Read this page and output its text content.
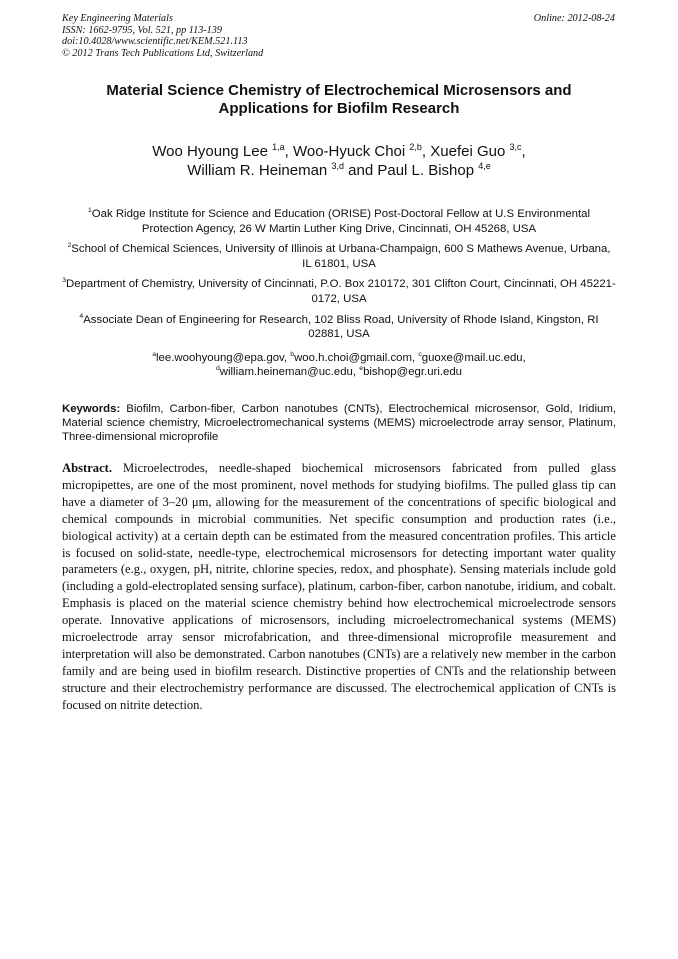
Key Engineering Materials
ISSN: 1662-9795, Vol. 521, pp 113-139
doi:10.4028/www.scientific.net/KEM.521.113
© 2012 Trans Tech Publications Ltd, Switzerland
Online: 2012-08-24
Material Science Chemistry of Electrochemical Microsensors and
Applications for Biofilm Research
Woo Hyoung Lee $^{1,a}$, Woo-Hyuck Choi $^{2,b}$, Xuefei Guo $^{3,c}$,
William R. Heineman $^{3,d}$ and Paul L. Bishop $^{4,e}$
$^1$Oak Ridge Institute for Science and Education (ORISE) Post-Doctoral Fellow at U.S Environmental Protection Agency, 26 W Martin Luther King Drive, Cincinnati, OH 45268, USA
$^2$School of Chemical Sciences, University of Illinois at Urbana-Champaign, 600 S Mathews Avenue, Urbana, IL 61801, USA
$^3$Department of Chemistry, University of Cincinnati, P.O. Box 210172, 301 Clifton Court, Cincinnati, OH 45221-0172, USA
$^4$Associate Dean of Engineering for Research, 102 Bliss Road, University of Rhode Island, Kingston, RI 02881, USA
$^a$lee.woohyoung@epa.gov, $^b$woo.h.choi@gmail.com, $^c$guoxe@mail.uc.edu,
$^d$william.heineman@uc.edu, $^e$bishop@egr.uri.edu
Keywords: Biofilm, Carbon-fiber, Carbon nanotubes (CNTs), Electrochemical microsensor, Gold, Iridium, Material science chemistry, Microelectromechanical systems (MEMS) microelectrode array sensor, Platinum, Three-dimensional microprofile
Abstract. Microelectrodes, needle-shaped biochemical microsensors fabricated from pulled glass micropipettes, are one of the most prominent, novel methods for studying biofilms. The pulled glass tip can have a diameter of 3–20 μm, allowing for the measurement of the concentrations of specific biological and chemical compounds in microbial communities. Net specific consumption and production rates (i.e., biological activity) at a certain depth can be estimated from the measured concentration profiles. This article is focused on solid-state, needle-type, electrochemical microsensors for detecting important water quality parameters (e.g., oxygen, pH, nitrite, chlorine species, redox, and phosphate). Sensing materials include gold (including a gold-electroplated sensing surface), platinum, carbon-fiber, carbon nanotube, iridium, and cobalt. Emphasis is placed on the material science chemistry behind how electrochemical microelectrode sensors operate. Innovative applications of microsensors, including microelectromechanical systems (MEMS) microelectrode array sensor microfabrication, and three-dimensional microprofile measurement and interpretation will also be demonstrated. Carbon nanotubes (CNTs) are a relatively new member in the carbon family and are being used in biofilm research. Distinctive properties of CNTs and the relationship between structure and their electrochemistry performance are discussed. The electrochemical application of CNTs is focused on nitrite detection.
